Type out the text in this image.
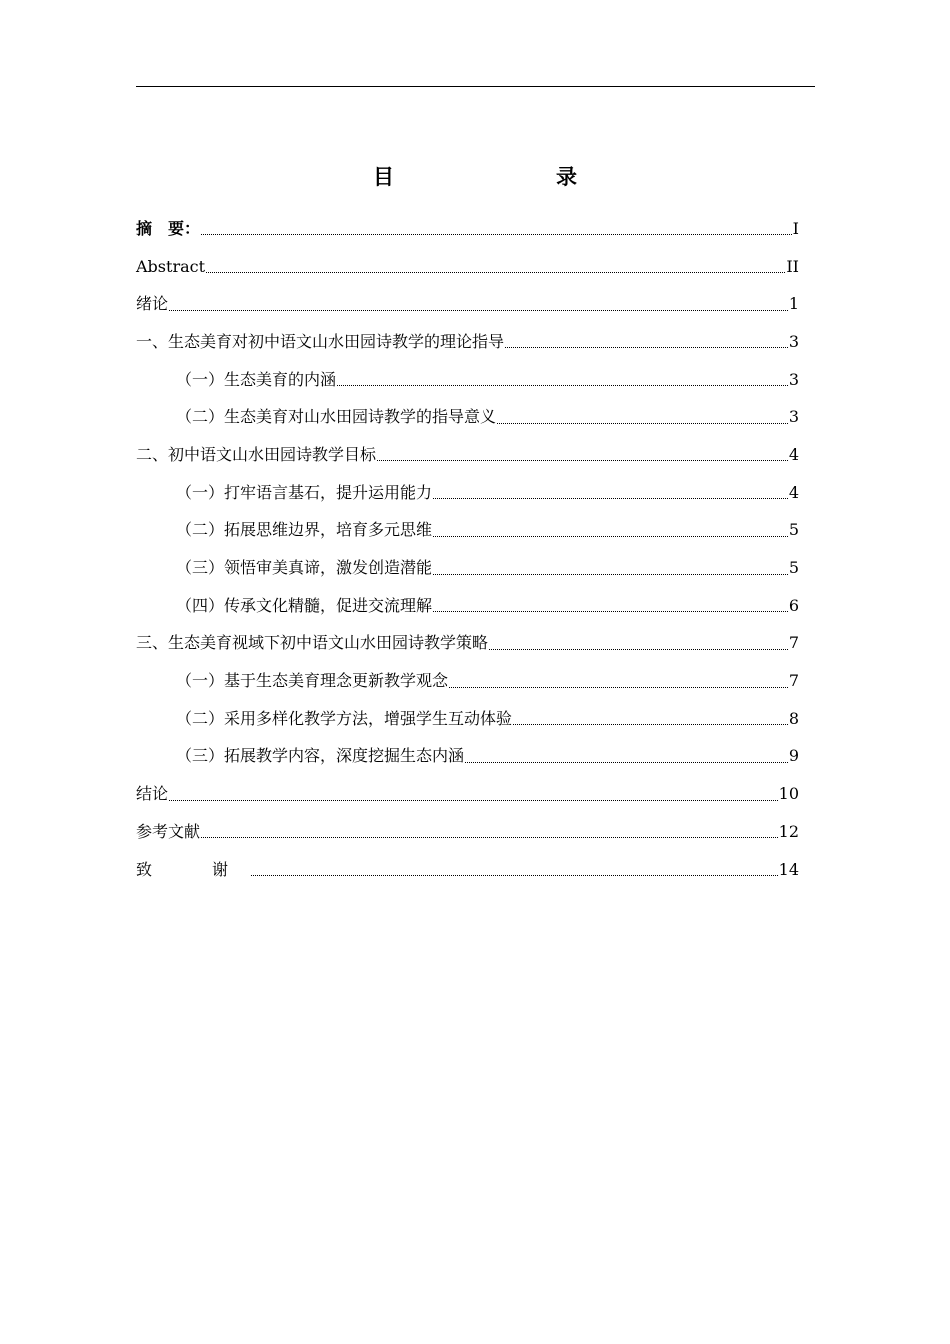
目　　录
摘　要：	I
Abstract	II
绪论	1
一、生态美育对初中语文山水田园诗教学的理论指导	3
（一）生态美育的内涵	3
（二）生态美育对山水田园诗教学的指导意义	3
二、初中语文山水田园诗教学目标	4
（一）打牢语言基石，提升运用能力	4
（二）拓展思维边界，培育多元思维	5
（三）领悟审美真谛，激发创造潜能	5
（四）传承文化精髓，促进交流理解	6
三、生态美育视域下初中语文山水田园诗教学策略	7
（一）基于生态美育理念更新教学观念	7
（二）采用多样化教学方法，增强学生互动体验	8
（三）拓展教学内容，深度挖掘生态内涵	9
结论	10
参考文献	12
致　谢	14
